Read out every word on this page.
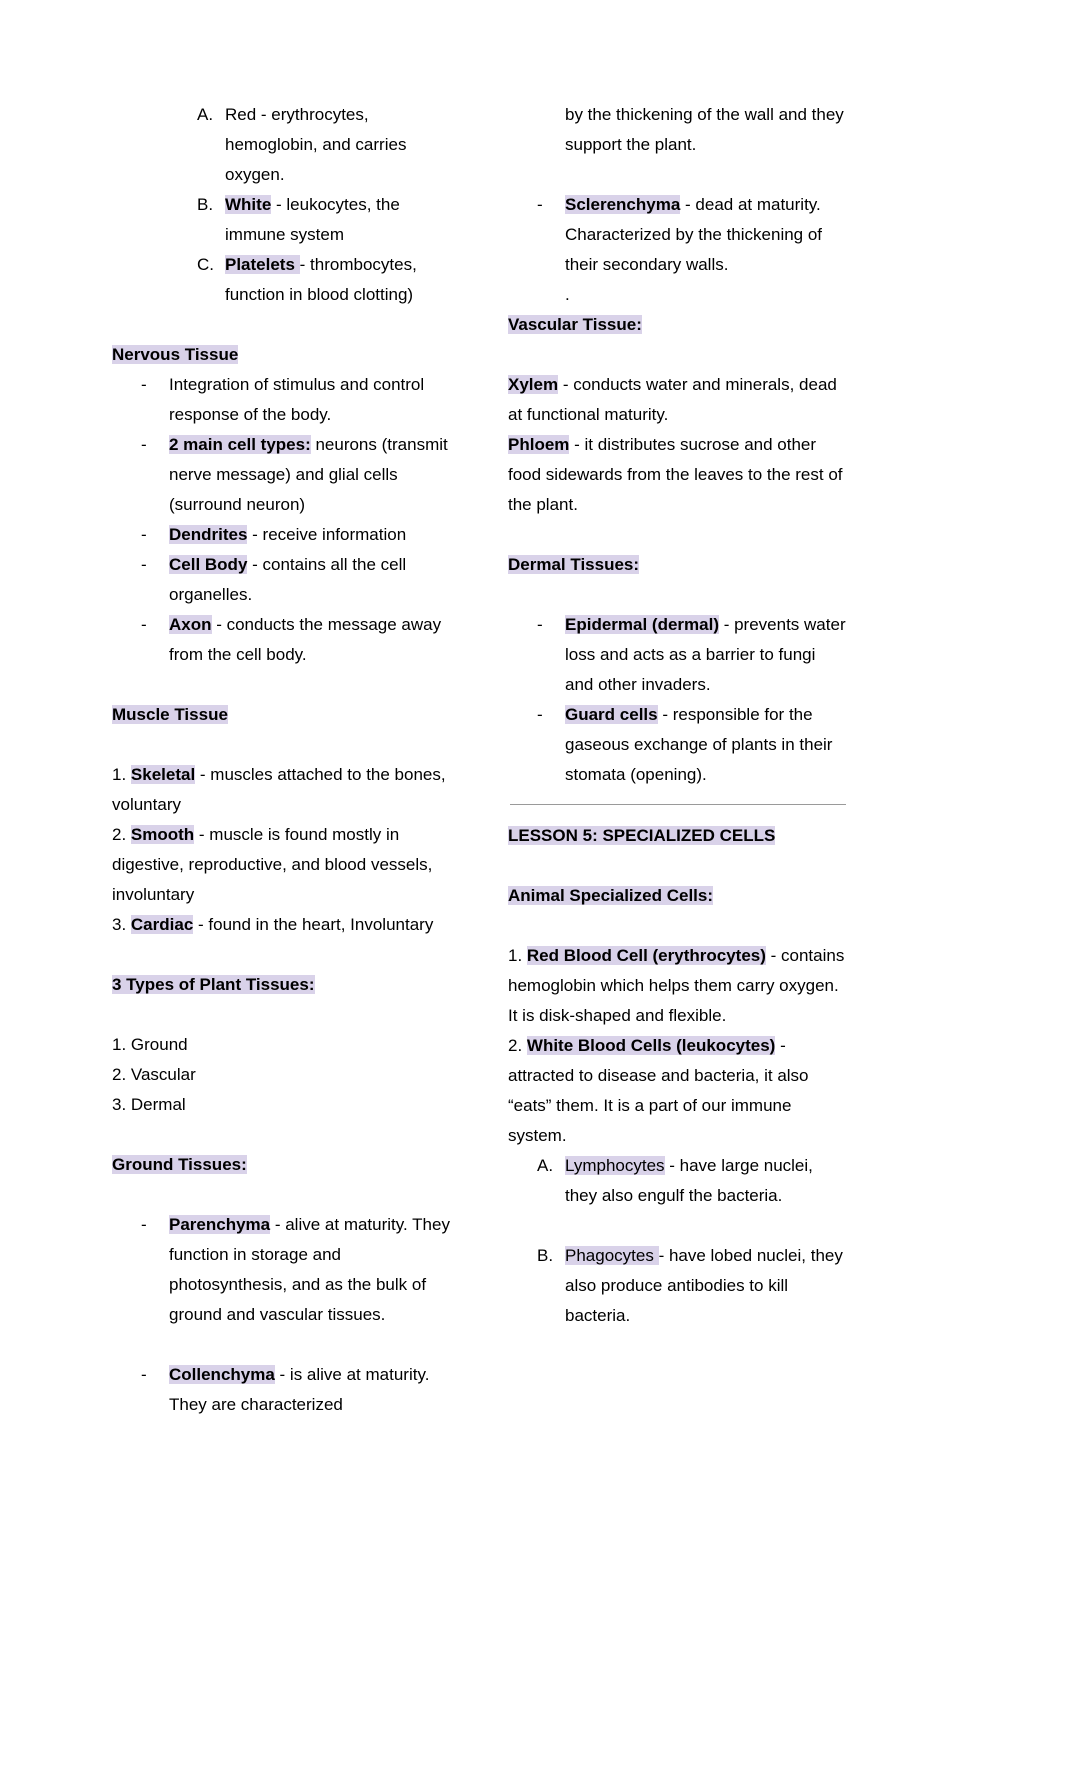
A. Red - erythrocytes, hemoglobin, and carries oxygen.
B. White - leukocytes, the immune system
C. Platelets - thrombocytes, function in blood clotting)
Nervous Tissue
- Integration of stimulus and control response of the body.
- 2 main cell types: neurons (transmit nerve message) and glial cells (surround neuron)
- Dendrites - receive information
- Cell Body - contains all the cell organelles.
- Axon - conducts the message away from the cell body.
Muscle Tissue
1. Skeletal - muscles attached to the bones, voluntary
2. Smooth - muscle is found mostly in digestive, reproductive, and blood vessels, involuntary
3. Cardiac - found in the heart, Involuntary
3 Types of Plant Tissues:
1. Ground
2. Vascular
3. Dermal
Ground Tissues:
- Parenchyma - alive at maturity. They function in storage and photosynthesis, and as the bulk of ground and vascular tissues.
- Collenchyma - is alive at maturity. They are characterized
by the thickening of the wall and they support the plant.
- Sclerenchyma - dead at maturity. Characterized by the thickening of their secondary walls.
.
Vascular Tissue:
Xylem - conducts water and minerals, dead at functional maturity.
Phloem - it distributes sucrose and other food sidewards from the leaves to the rest of the plant.
Dermal Tissues:
- Epidermal (dermal) - prevents water loss and acts as a barrier to fungi and other invaders.
- Guard cells - responsible for the gaseous exchange of plants in their stomata (opening).
LESSON 5: SPECIALIZED CELLS
Animal Specialized Cells:
1. Red Blood Cell (erythrocytes) - contains hemoglobin which helps them carry oxygen. It is disk-shaped and flexible.
2. White Blood Cells (leukocytes) - attracted to disease and bacteria, it also “eats” them. It is a part of our immune system.
A. Lymphocytes - have large nuclei, they also engulf the bacteria.
B. Phagocytes - have lobed nuclei, they also produce antibodies to kill bacteria.
